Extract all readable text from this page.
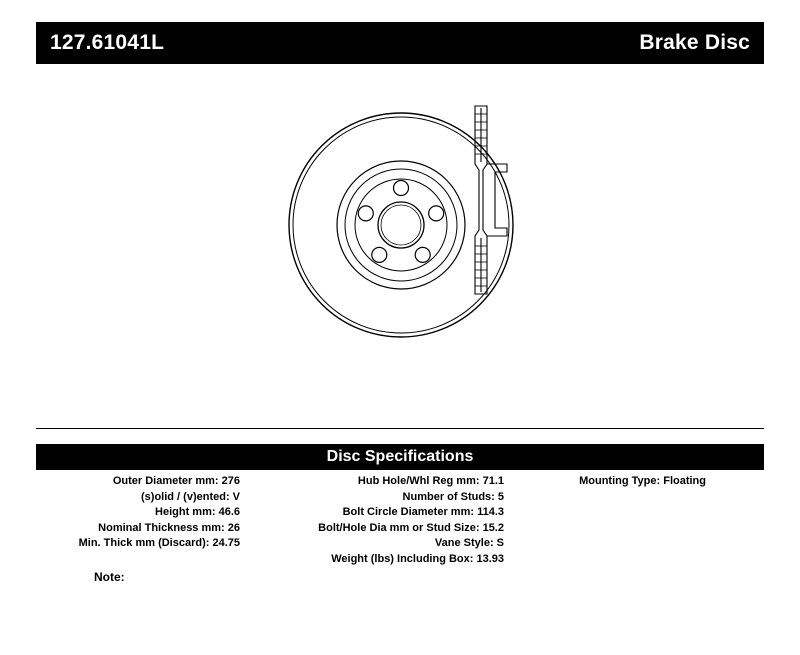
127.61041L	Brake Disc
Disc Specifications
Outer Diameter mm: 276
(s)olid / (v)ented: V
Height mm: 46.6
Nominal Thickness mm: 26
Min. Thick mm (Discard): 24.75
Hub Hole/Whl Reg mm: 71.1
Number of Studs: 5
Bolt Circle Diameter mm: 114.3
Bolt/Hole Dia mm or Stud Size: 15.2
Vane Style: S
Weight (lbs) Including Box: 13.93
Mounting Type: Floating
Note:
